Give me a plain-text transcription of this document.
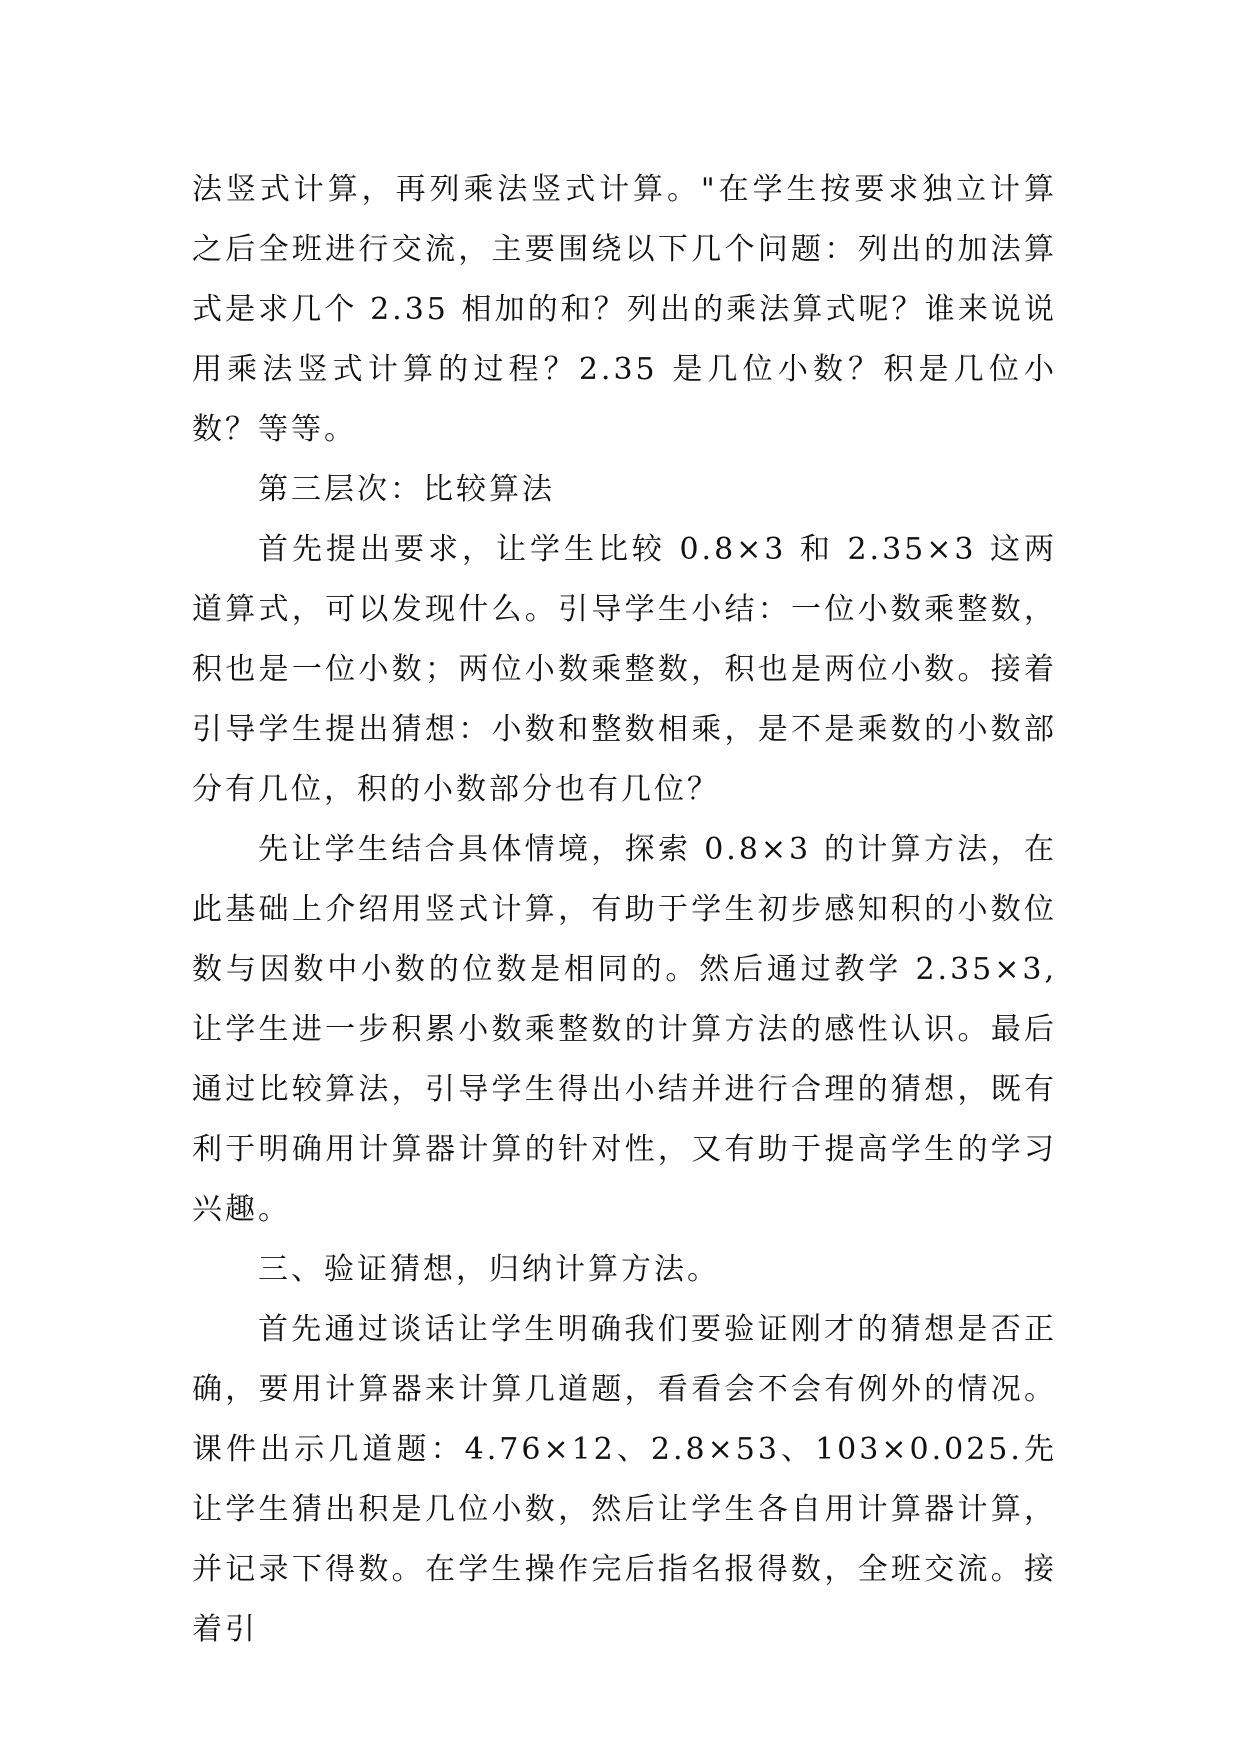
法竖式计算，再列乘法竖式计算。"在学生按要求独立计算之后全班进行交流，主要围绕以下几个问题：列出的加法算式是求几个 2.35 相加的和？列出的乘法算式呢？谁来说说用乘法竖式计算的过程？2.35 是几位小数？积是几位小数？等等。

第三层次：比较算法

首先提出要求，让学生比较 0.8×3 和 2.35×3 这两道算式，可以发现什么。引导学生小结：一位小数乘整数，积也是一位小数；两位小数乘整数，积也是两位小数。接着引导学生提出猜想：小数和整数相乘，是不是乘数的小数部分有几位，积的小数部分也有几位？

先让学生结合具体情境，探索 0.8×3 的计算方法，在此基础上介绍用竖式计算，有助于学生初步感知积的小数位数与因数中小数的位数是相同的。然后通过教学 2.35×3,让学生进一步积累小数乘整数的计算方法的感性认识。最后通过比较算法，引导学生得出小结并进行合理的猜想，既有利于明确用计算器计算的针对性，又有助于提高学生的学习兴趣。

三、验证猜想，归纳计算方法。

首先通过谈话让学生明确我们要验证刚才的猜想是否正确，要用计算器来计算几道题，看看会不会有例外的情况。课件出示几道题：4.76×12、2.8×53、103×0.025.先让学生猜出积是几位小数，然后让学生各自用计算器计算，并记录下得数。在学生操作完后指名报得数，全班交流。接着引
